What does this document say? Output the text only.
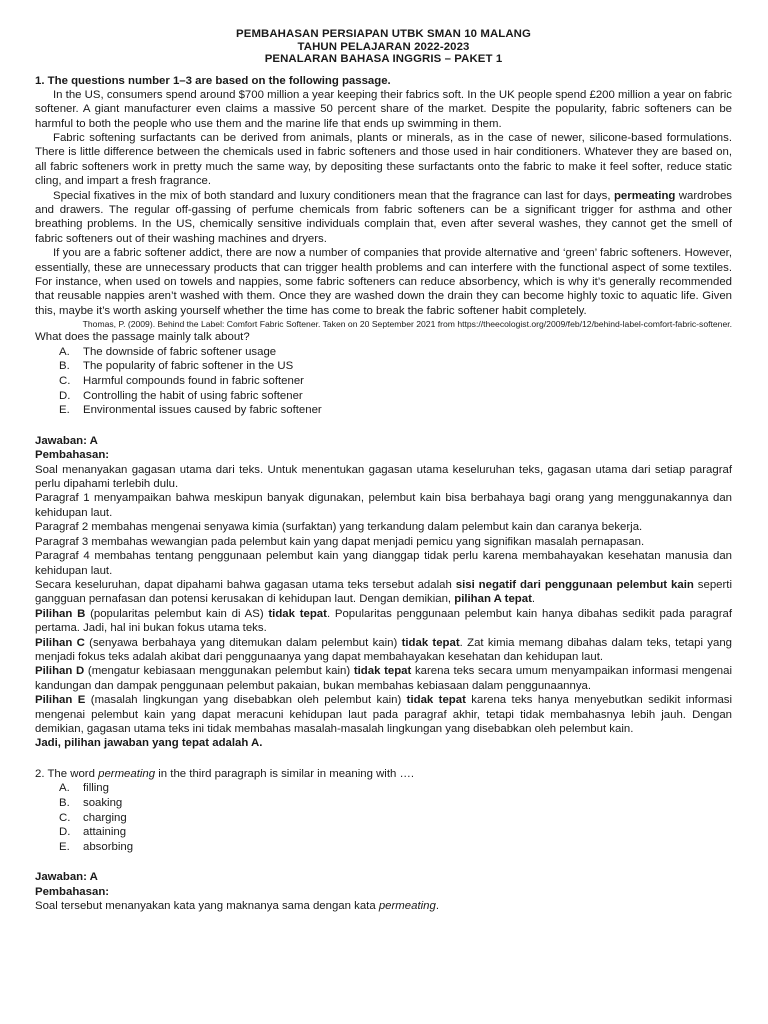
PEMBAHASAN PERSIAPAN UTBK SMAN 10 MALANG
TAHUN PELAJARAN 2022-2023
PENALARAN BAHASA INGGRIS – PAKET 1
1. The questions number 1–3 are based on the following passage.

In the US, consumers spend around $700 million a year keeping their fabrics soft. In the UK people spend £200 million a year on fabric softener. A giant manufacturer even claims a massive 50 percent share of the market. Despite the popularity, fabric softeners can be harmful to both the people who use them and the marine life that ends up swimming in them.

Fabric softening surfactants can be derived from animals, plants or minerals, as in the case of newer, silicone-based formulations. There is little difference between the chemicals used in fabric softeners and those used in hair conditioners. Whatever they are based on, all fabric softeners work in pretty much the same way, by depositing these surfactants onto the fabric to make it feel softer, reduce static cling, and impart a fresh fragrance.

Special fixatives in the mix of both standard and luxury conditioners mean that the fragrance can last for days, permeating wardrobes and drawers. The regular off-gassing of perfume chemicals from fabric softeners can be a significant trigger for asthma and other breathing problems. In the US, chemically sensitive individuals complain that, even after several washes, they cannot get the smell of fabric softeners out of their washing machines and dryers.

If you are a fabric softener addict, there are now a number of companies that provide alternative and ‘green’ fabric softeners. However, essentially, these are unnecessary products that can trigger health problems and can interfere with the functional aspect of some textiles. For instance, when used on towels and nappies, some fabric softeners can reduce absorbency, which is why it’s generally recommended that reusable nappies aren’t washed with them. Once they are washed down the drain they can become highly toxic to aquatic life. Given this, maybe it’s worth asking yourself whether the time has come to break the fabric softener habit completely.

Thomas, P. (2009). Behind the Label: Comfort Fabric Softener. Taken on 20 September 2021 from https://theecologist.org/2009/feb/12/behind-label-comfort-fabric-softener.

What does the passage mainly talk about?

A.	The downside of fabric softener usage
B.	The popularity of fabric softener in the US
C.	Harmful compounds found in fabric softener
D.	Controlling the habit of using fabric softener
E.	Environmental issues caused by fabric softener

Jawaban: A

Pembahasan:

Soal menanyakan gagasan utama dari teks. Untuk menentukan gagasan utama keseluruhan teks, gagasan utama dari setiap paragraf perlu dipahami terlebih dulu.

Paragraf 1 menyampaikan bahwa meskipun banyak digunakan, pelembut kain bisa berbahaya bagi orang yang menggunakannya dan kehidupan laut.

Paragraf 2 membahas mengenai senyawa kimia (surfaktan) yang terkandung dalam pelembut kain dan caranya bekerja.

Paragraf 3 membahas wewangian pada pelembut kain yang dapat menjadi pemicu yang signifikan masalah pernapasan.

Paragraf 4 membahas tentang penggunaan pelembut kain yang dianggap tidak perlu karena membahayakan kesehatan manusia dan kehidupan laut.

Secara keseluruhan, dapat dipahami bahwa gagasan utama teks tersebut adalah sisi negatif dari penggunaan pelembut kain seperti gangguan pernafasan dan potensi kerusakan di kehidupan laut. Dengan demikian, pilihan A tepat.

Pilihan B (popularitas pelembut kain di AS) tidak tepat. Popularitas penggunaan pelembut kain hanya dibahas sedikit pada paragraf pertama. Jadi, hal ini bukan fokus utama teks.

Pilihan C (senyawa berbahaya yang ditemukan dalam pelembut kain) tidak tepat. Zat kimia memang dibahas dalam teks, tetapi yang menjadi fokus teks adalah akibat dari penggunaanya yang dapat membahayakan kesehatan dan kehidupan laut.

Pilihan D (mengatur kebiasaan menggunakan pelembut kain) tidak tepat karena teks secara umum menyampaikan informasi mengenai kandungan dan dampak penggunaan pelembut pakaian, bukan membahas kebiasaan dalam penggunaannya.

Pilihan E (masalah lingkungan yang disebabkan oleh pelembut kain) tidak tepat karena teks hanya menyebutkan sedikit informasi mengenai pelembut kain yang dapat meracuni kehidupan laut pada paragraf akhir, tetapi tidak membahasnya lebih jauh. Dengan demikian, gagasan utama teks ini tidak membahas masalah-masalah lingkungan yang disebabkan oleh pelembut kain.

Jadi, pilihan jawaban yang tepat adalah A.

2. The word permeating in the third paragraph is similar in meaning with ….

A.	filling
B.	soaking
C.	charging
D.	attaining
E.	absorbing

Jawaban: A

Pembahasan:

Soal tersebut menanyakan kata yang maknanya sama dengan kata permeating.
